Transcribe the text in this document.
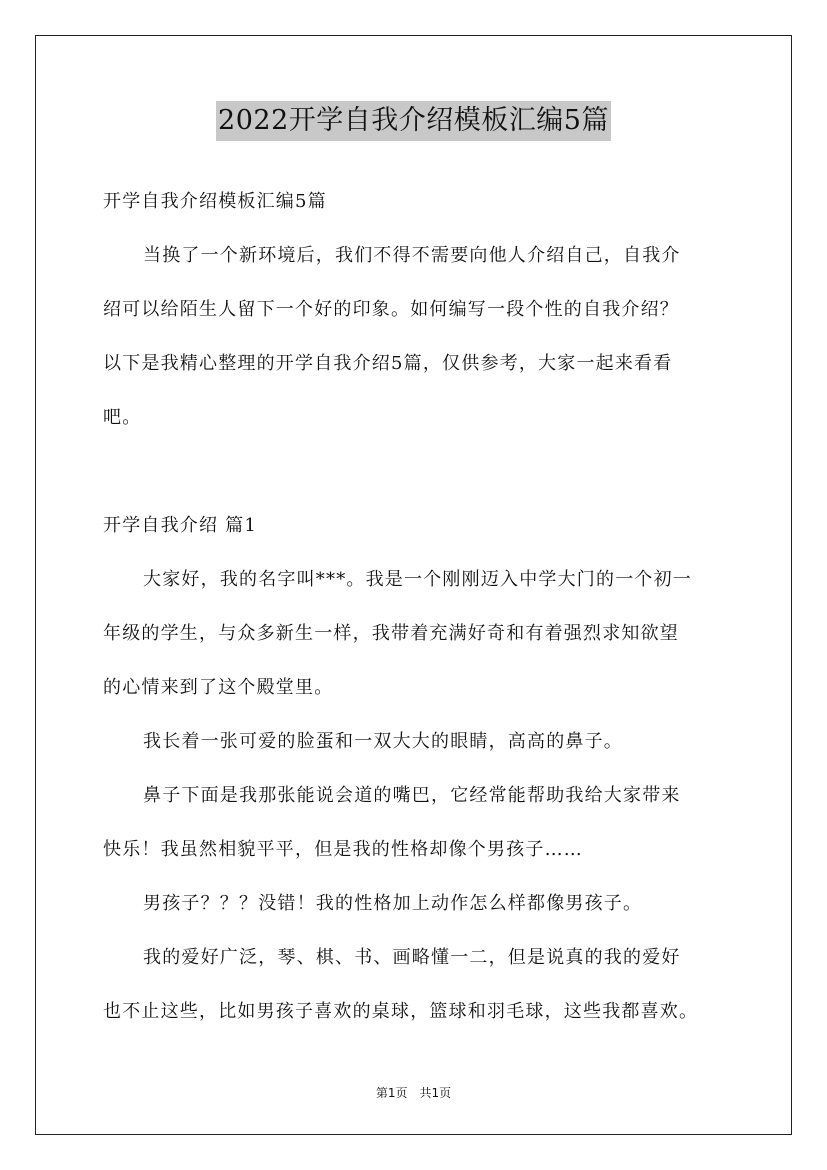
2022开学自我介绍模板汇编5篇
开学自我介绍模板汇编5篇
当换了一个新环境后，我们不得不需要向他人介绍自己，自我介
绍可以给陌生人留下一个好的印象。如何编写一段个性的自我介绍？
以下是我精心整理的开学自我介绍5篇，仅供参考，大家一起来看看
吧。
开学自我介绍 篇1
大家好，我的名字叫***。我是一个刚刚迈入中学大门的一个初一
年级的学生，与众多新生一样，我带着充满好奇和有着强烈求知欲望
的心情来到了这个殿堂里。
我长着一张可爱的脸蛋和一双大大的眼睛，高高的鼻子。
鼻子下面是我那张能说会道的嘴巴，它经常能帮助我给大家带来
快乐！我虽然相貌平平，但是我的性格却像个男孩子……
男孩子？？？没错！我的性格加上动作怎么样都像男孩子。
我的爱好广泛，琴、棋、书、画略懂一二，但是说真的我的爱好
也不止这些，比如男孩子喜欢的桌球，篮球和羽毛球，这些我都喜欢。
第1页　共1页
